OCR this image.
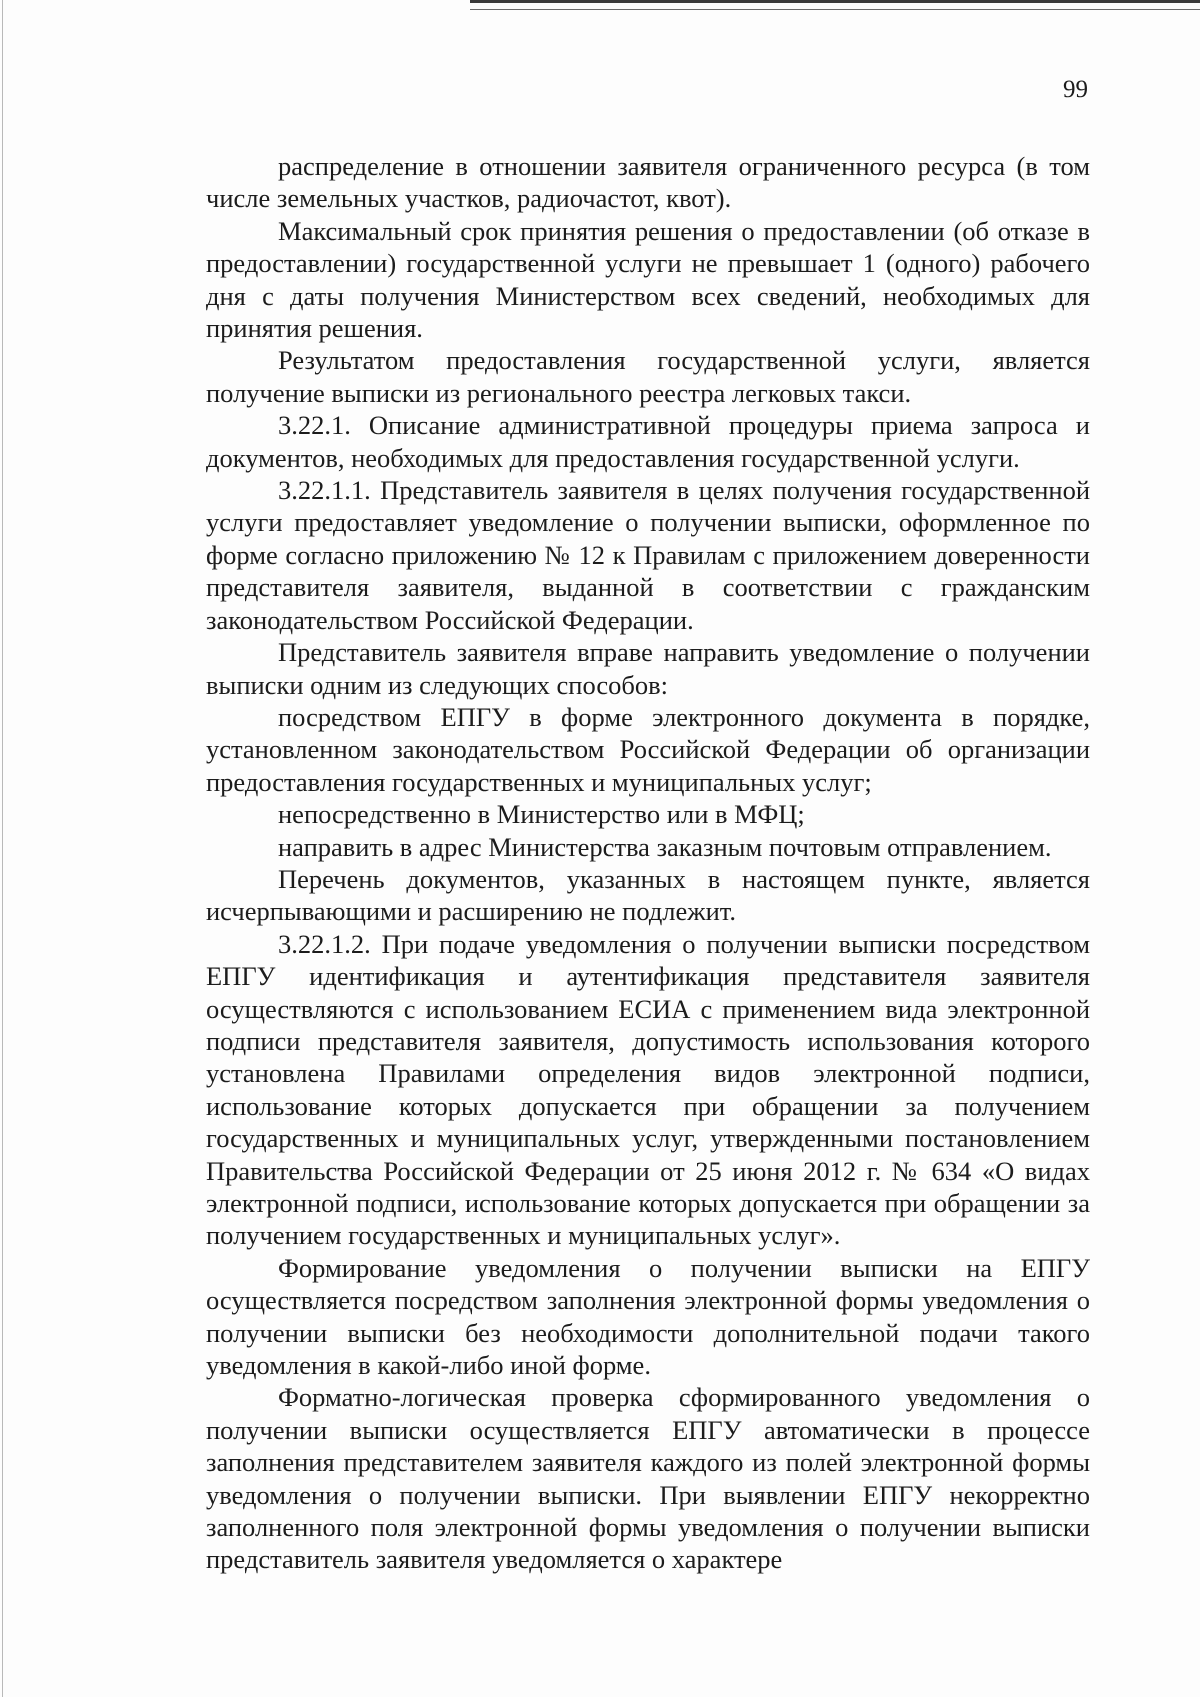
99

распределение в отношении заявителя ограниченного ресурса (в том числе земельных участков, радиочастот, квот).

Максимальный срок принятия решения о предоставлении (об отказе в предоставлении) государственной услуги не превышает 1 (одного) рабочего дня с даты получения Министерством всех сведений, необходимых для принятия решения.

Результатом предоставления государственной услуги, является получение выписки из регионального реестра легковых такси.

3.22.1. Описание административной процедуры приема запроса и документов, необходимых для предоставления государственной услуги.

3.22.1.1. Представитель заявителя в целях получения государственной услуги предоставляет уведомление о получении выписки, оформленное по форме согласно приложению № 12 к Правилам с приложением доверенности представителя заявителя, выданной в соответствии с гражданским законодательством Российской Федерации.

Представитель заявителя вправе направить уведомление о получении выписки одним из следующих способов:

посредством ЕПГУ в форме электронного документа в порядке, установленном законодательством Российской Федерации об организации предоставления государственных и муниципальных услуг;

непосредственно в Министерство или в МФЦ;

направить в адрес Министерства заказным почтовым отправлением.

Перечень документов, указанных в настоящем пункте, является исчерпывающими и расширению не подлежит.

3.22.1.2. При подаче уведомления о получении выписки посредством ЕПГУ идентификация и аутентификация представителя заявителя осуществляются с использованием ЕСИА с применением вида электронной подписи представителя заявителя, допустимость использования которого установлена Правилами определения видов электронной подписи, использование которых допускается при обращении за получением государственных и муниципальных услуг, утвержденными постановлением Правительства Российской Федерации от 25 июня 2012 г. № 634 «О видах электронной подписи, использование которых допускается при обращении за получением государственных и муниципальных услуг».

Формирование уведомления о получении выписки на ЕПГУ осуществляется посредством заполнения электронной формы уведомления о получении выписки без необходимости дополнительной подачи такого уведомления в какой-либо иной форме.

Форматно-логическая проверка сформированного уведомления о получении выписки осуществляется ЕПГУ автоматически в процессе заполнения представителем заявителя каждого из полей электронной формы уведомления о получении выписки. При выявлении ЕПГУ некорректно заполненного поля электронной формы уведомления о получении выписки представитель заявителя уведомляется о характере
